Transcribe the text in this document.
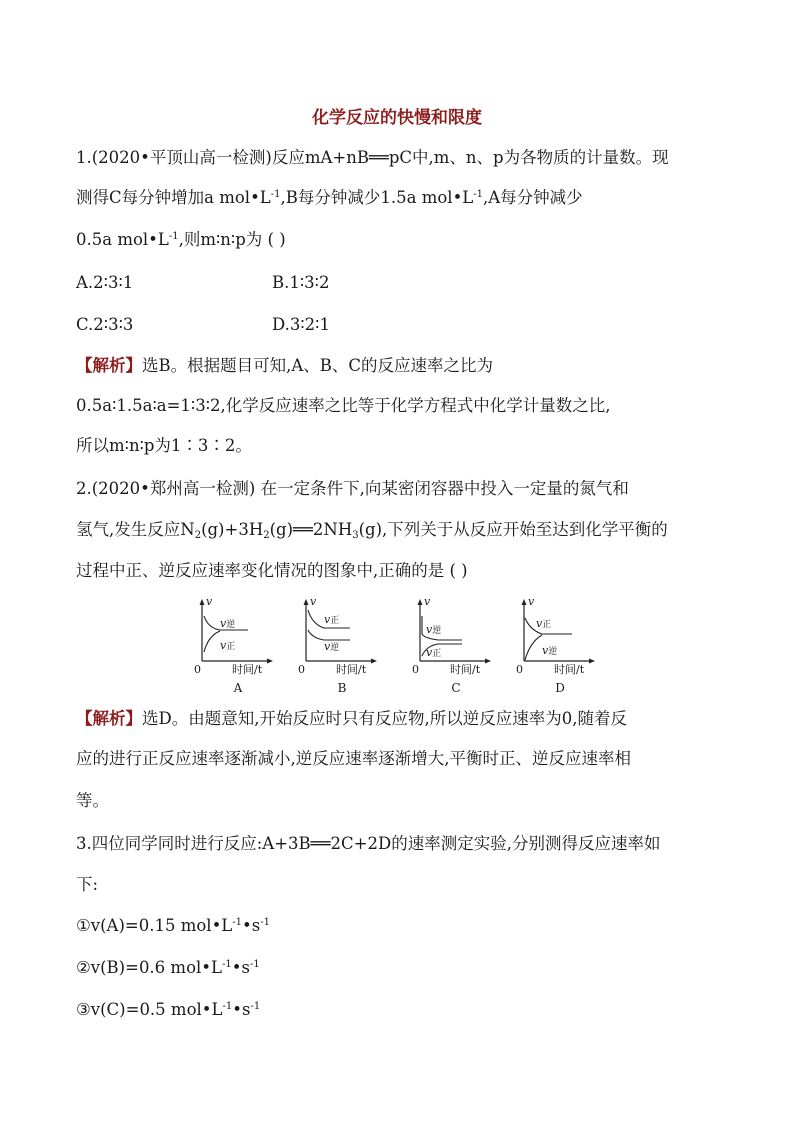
化学反应的快慢和限度
1.(2020•平顶山高一检测)反应mA+nB══pC中,m、n、p为各物质的计量数。现
测得C每分钟增加a $mol•L^{-1},B$每分钟减少1.5a $mol•L^{-1},A$每分钟减少
0.5a $mol•L^{-1}$,则m∶n∶p为 ( )
A.2∶3∶1	B.1∶3∶2
C.2∶3∶3	D.3∶2∶1
【解析】选B。根据题目可知,A、B、C的反应速率之比为
0.5a∶1.5a∶a=1∶3∶2,化学反应速率之比等于化学方程式中化学计量数之比,
所以m∶n∶p为1∶3∶2。
2.(2020•郑州高一检测) 在一定条件下,向某密闭容器中投入一定量的氮气和
氢气,发生反应$N_2(g)+3H_2(g)══2NH_3(g)$,下列关于从反应开始至达到化学平衡的
过程中正、逆反应速率变化情况的图象中,正确的是 ( )
v
v逆
v正
0	时间/t
A
v
v正
v逆
0	时间/t
B
v
v逆
v正
0	时间/t
C
v
v正
v逆
0	时间/t
D
【解析】选D。由题意知,开始反应时只有反应物,所以逆反应速率为0,随着反
应的进行正反应速率逐渐减小,逆反应速率逐渐增大,平衡时正、逆反应速率相
等。
3.四位同学同时进行反应:A+3B══2C+2D的速率测定实验,分别测得反应速率如
下:
①v(A)=0.15 $mol•L^{-1}•s^{-1}$
②v(B)=0.6 $mol•L^{-1}•s^{-1}$
③v(C)=0.5 $mol•L^{-1}•s^{-1}$
